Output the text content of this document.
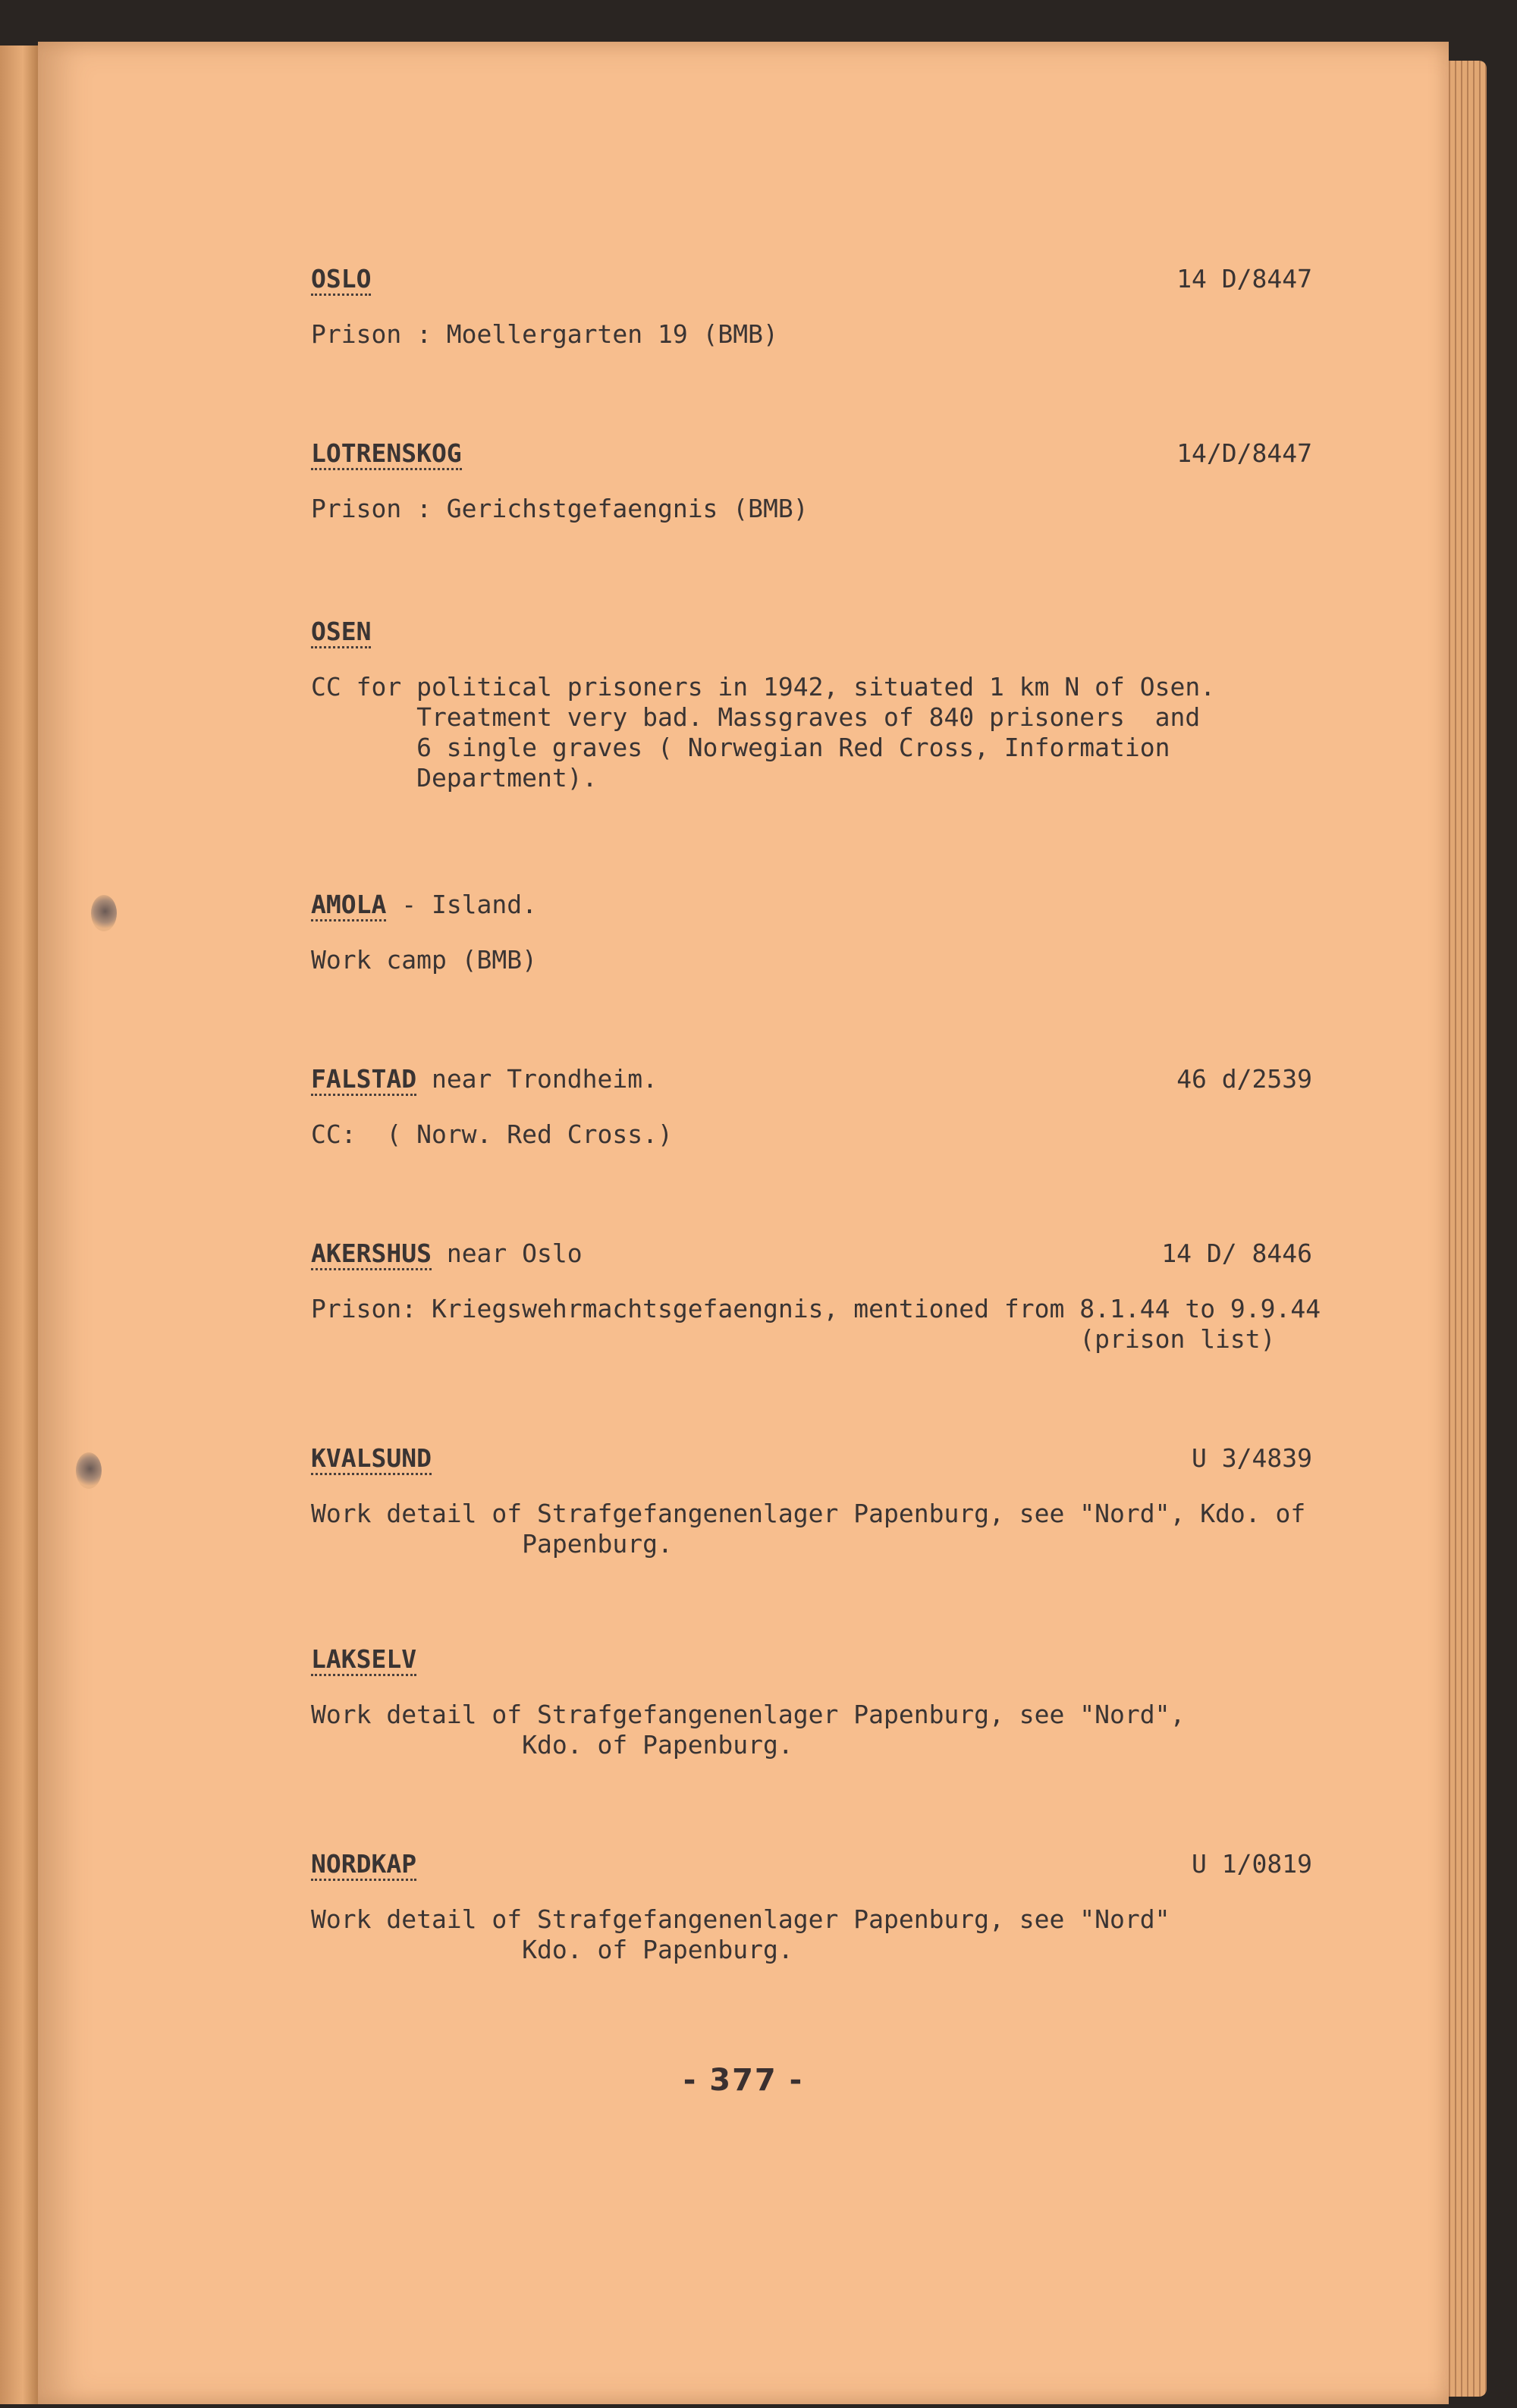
OSLO	14 D/8447
Prison : Moellergarten 19 (BMB)
LOTRENSKOG	14/D/8447
Prison : Gerichstgefaengnis (BMB)
OSEN
CC for political prisoners in 1942, situated 1 km N of Osen.
Treatment very bad. Massgraves of 840 prisoners  and
6 single graves ( Norwegian Red Cross, Information
Department).
AMOLA - Island.
Work camp (BMB)
FALSTAD near Trondheim.	46 d/2539
CC:  ( Norw. Red Cross.)
AKERSHUS near Oslo	14 D/ 8446
Prison: Kriegswehrmachtsgefaengnis, mentioned from 8.1.44 to 9.9.44
(prison list)
KVALSUND	U 3/4839
Work detail of Strafgefangenenlager Papenburg, see "Nord", Kdo. of
Papenburg.
LAKSELV
Work detail of Strafgefangenenlager Papenburg, see "Nord",
Kdo. of Papenburg.
NORDKAP	U 1/0819
Work detail of Strafgefangenenlager Papenburg, see "Nord"
Kdo. of Papenburg.
- 377 -
